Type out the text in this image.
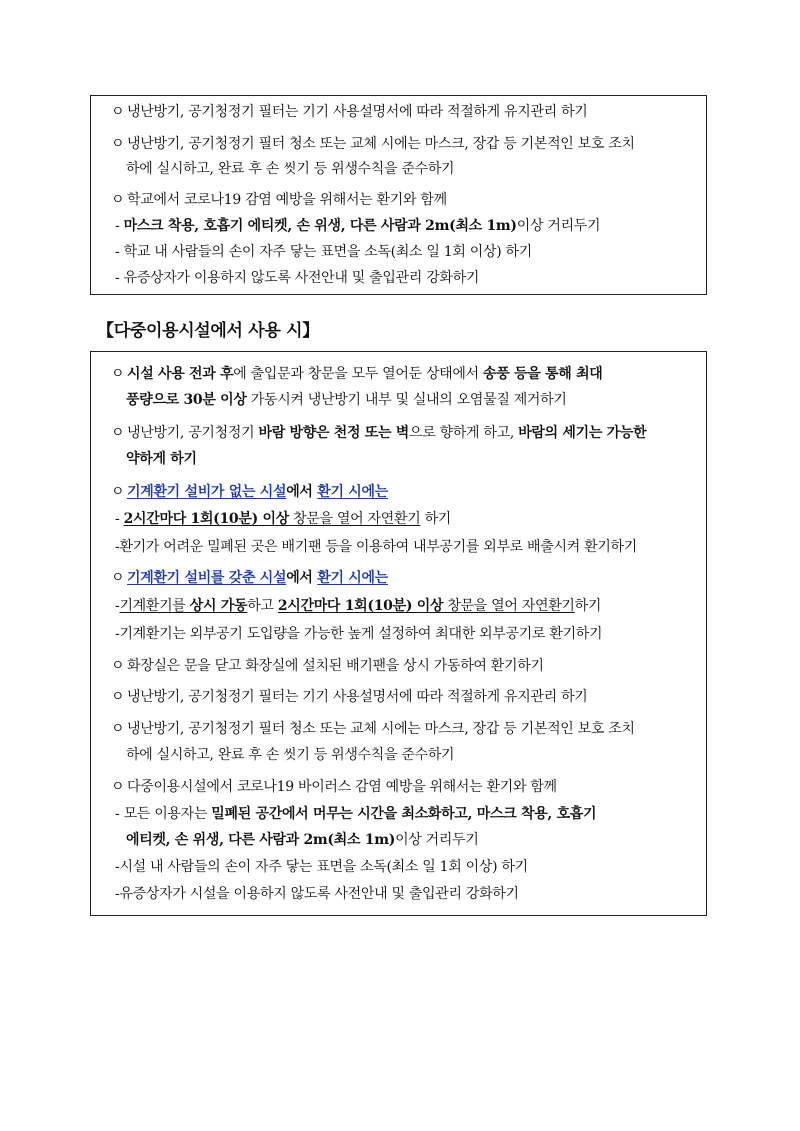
ㅇ 냉난방기, 공기청정기 필터는 기기 사용설명서에 따라 적절하게 유지관리 하기
ㅇ 냉난방기, 공기청정기 필터 청소 또는 교체 시에는 마스크, 장갑 등 기본적인 보호 조치
하에 실시하고, 완료 후 손 씻기 등 위생수칙을 준수하기
ㅇ 학교에서 코로나19 감염 예방을 위해서는 환기와 함께
- 마스크 착용, 호흡기 에티켓, 손 위생, 다른 사람과 2m(최소 1m)이상 거리두기
- 학교 내 사람들의 손이 자주 닿는 표면을 소독(최소 일 1회 이상) 하기
- 유증상자가 이용하지 않도록 사전안내 및 출입관리 강화하기
【다중이용시설에서 사용 시】
ㅇ 시설 사용 전과 후에 출입문과 창문을 모두 열어둔 상태에서 송풍 등을 통해 최대
풍량으로 30분 이상 가동시켜 냉난방기 내부 및 실내의 오염물질 제거하기
ㅇ 냉난방기, 공기청정기 바람 방향은 천정 또는 벽으로 향하게 하고, 바람의 세기는 가능한
약하게 하기
ㅇ 기계환기 설비가 없는 시설에서 환기 시에는
- 2시간마다 1회(10분) 이상 창문을 열어 자연환기 하기
-환기가 어려운 밀폐된 곳은 배기팬 등을 이용하여 내부공기를 외부로 배출시켜 환기하기
ㅇ 기계환기 설비를 갖춘 시설에서 환기 시에는
-기계환기를 상시 가동하고 2시간마다 1회(10분) 이상 창문을 열어 자연환기하기
-기계환기는 외부공기 도입량을 가능한 높게 설정하여 최대한 외부공기로 환기하기
ㅇ 화장실은 문을 닫고 화장실에 설치된 배기팬을 상시 가동하여 환기하기
ㅇ 냉난방기, 공기청정기 필터는 기기 사용설명서에 따라 적절하게 유지관리 하기
ㅇ 냉난방기, 공기청정기 필터 청소 또는 교체 시에는 마스크, 장갑 등 기본적인 보호 조치
하에 실시하고, 완료 후 손 씻기 등 위생수칙을 준수하기
ㅇ 다중이용시설에서 코로나19 바이러스 감염 예방을 위해서는 환기와 함께
- 모든 이용자는 밀폐된 공간에서 머무는 시간을 최소화하고, 마스크 착용, 호흡기
에티켓, 손 위생, 다른 사람과 2m(최소 1m)이상 거리두기
-시설 내 사람들의 손이 자주 닿는 표면을 소독(최소 일 1회 이상) 하기
-유증상자가 시설을 이용하지 않도록 사전안내 및 출입관리 강화하기
